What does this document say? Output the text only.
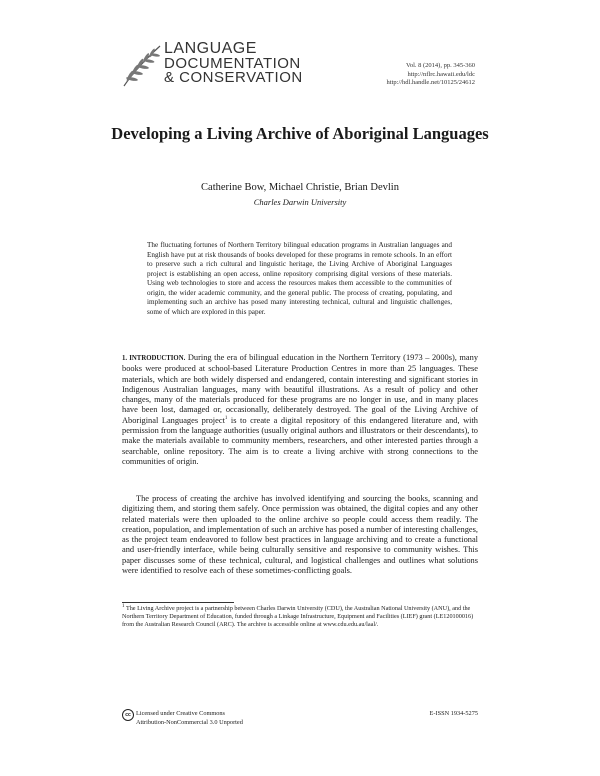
LANGUAGE
DOCUMENTATION
& CONSERVATION
Vol. 8 (2014), pp. 345-360
http://nflrc.hawaii.edu/ldc
http://hdl.handle.net/10125/24612
Developing a Living Archive of Aboriginal Languages
Catherine Bow, Michael Christie, Brian Devlin
Charles Darwin University
The fluctuating fortunes of Northern Territory bilingual education programs in Australian languages and English have put at risk thousands of books developed for these programs in remote schools. In an effort to preserve such a rich cultural and linguistic heritage, the Living Archive of Aboriginal Languages project is establishing an open access, online repository comprising digital versions of these materials. Using web technologies to store and access the resources makes them accessible to the communities of origin, the wider academic community, and the general public. The process of creating, populating, and implementing such an archive has posed many interesting technical, cultural and linguistic challenges, some of which are explored in this paper.
1. INTRODUCTION. During the era of bilingual education in the Northern Territory (1973 – 2000s), many books were produced at school-based Literature Production Centres in more than 25 languages. These materials, which are both widely dispersed and endangered, contain interesting and significant stories in Indigenous Australian languages, many with beautiful illustrations. As a result of policy and other changes, many of the materials produced for these programs are no longer in use, and in many places have been lost, damaged or, occasionally, deliberately destroyed. The goal of the Living Archive of Aboriginal Languages project$^1$ is to create a digital repository of this endangered literature and, with permission from the language authorities (usually original authors and illustrators or their descendants), to make the materials available to community members, researchers, and other interested parties through a searchable, online repository. The aim is to create a living archive with strong connections to the communities of origin.
The process of creating the archive has involved identifying and sourcing the books, scanning and digitizing them, and storing them safely. Once permission was obtained, the digital copies and any other related materials were then uploaded to the online archive so people could access them readily. The creation, population, and implementation of such an archive has posed a number of interesting challenges, as the project team endeavored to follow best practices in language archiving and to create a functional and user-friendly interface, while being culturally sensitive and responsive to community wishes. This paper discusses some of these technical, cultural, and logistical challenges and outlines what solutions were identified to resolve each of these sometimes-conflicting goals.
$^1$ The Living Archive project is a partnership between Charles Darwin University (CDU), the Australian National University (ANU), and the Northern Territory Department of Education, funded through a Linkage Infrastructure, Equipment and Facilities (LIEF) grant (LE120100016) from the Australian Research Council (ARC). The archive is accessible online at www.cdu.edu.au/laal/.
cc Licensed under Creative Commons
Attribution-NonCommercial 3.0 Unported
E-ISSN 1934-5275
